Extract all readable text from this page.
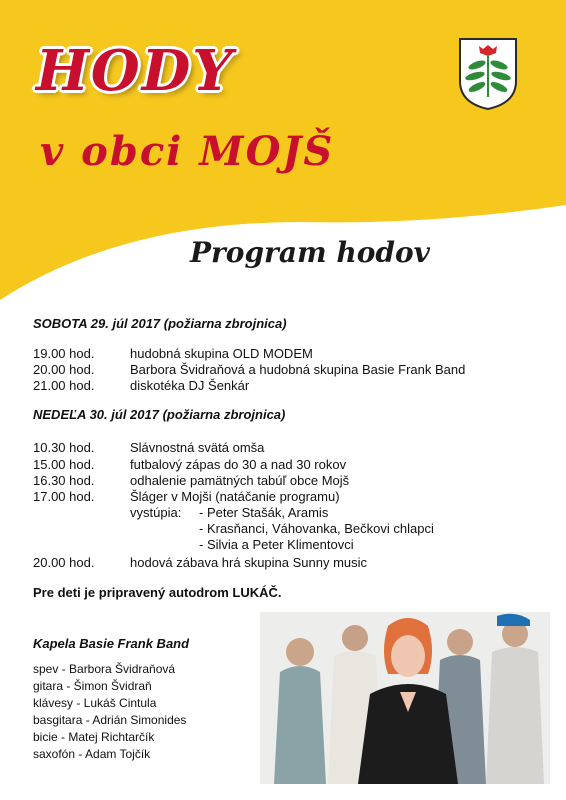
HODY
v obci MOJŠ
Program hodov
SOBOTA 29. júl 2017 (požiarna zbrojnica)
19.00 hod.	hudobná skupina OLD MODEM
20.00 hod.	Barbora Švidraňová a hudobná skupina Basie Frank Band
21.00 hod.	diskotéka DJ Šenkár
NEDEĽA 30. júl 2017 (požiarna zbrojnica)
10.30 hod.	Slávnostná svätá omša
15.00 hod.	futbalový zápas do 30 a nad 30 rokov
16.30 hod.	odhalenie pamätných tabúľ obce Mojš
17.00 hod.	Šláger v Mojši (natáčanie programu)
vystúpia: - Peter Stašák, Aramis
- Krasňanci, Váhovanka, Bečkovi chlapci
- Silvia a Peter Klimentovci
20.00 hod.	hodová zábava hrá skupina Sunny music
Pre deti je pripravený autodrom LUKÁČ.
Kapela Basie Frank Band
spev - Barbora Švidraňová
gitara - Šimon Švidraň
klávesy - Lukáš Cintula
basgitara - Adrián Simonides
bicie - Matej Richtarčík
saxofón - Adam Tojčík
